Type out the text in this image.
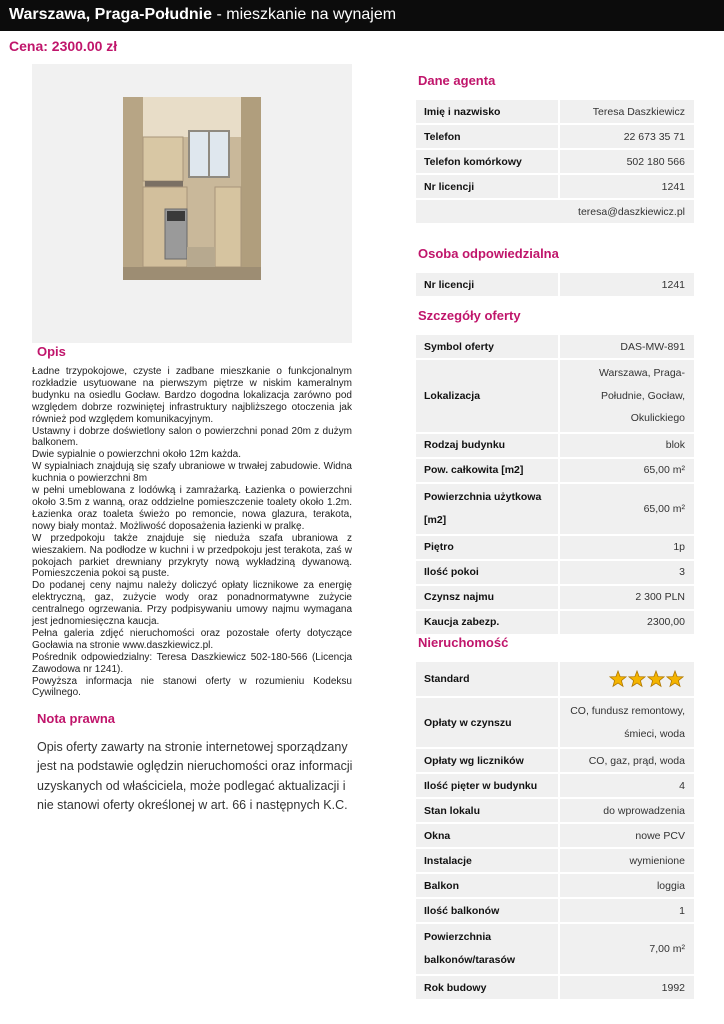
Warszawa, Praga-Południe - mieszkanie na wynajem
Cena: 2300.00 zł
Opis

Ładne trzypokojowe, czyste i zadbane mieszkanie o funkcjonalnym rozkładzie usytuowane na pierwszym piętrze w niskim kameralnym budynku na osiedlu Gocław. Bardzo dogodna lokalizacja zarówno pod względem dobrze rozwiniętej infrastruktury najbliższego otoczenia jak również pod względem komunikacyjnym.

Ustawny i dobrze doświetlony salon o powierzchni ponad 20m z dużym balkonem.

Dwie sypialnie o powierzchni około 12m każda.

W sypialniach znajdują się szafy ubraniowe w trwałej zabudowie. Widna kuchnia o powierzchni 8m

w pełni umeblowana z lodówką i zamrażarką. Łazienka o powierzchni około 3.5m z wanną, oraz oddzielne pomieszczenie toalety około 1.2m. Łazienka oraz toaleta świeżo po remoncie, nowa glazura, terakota, nowy biały montaż. Możliwość doposażenia łazienki w pralkę.

W przedpokoju także znajduje się nieduża szafa ubraniowa z wieszakiem. Na podłodze w kuchni i w przedpokoju jest terakota, zaś w pokojach parkiet drewniany przykryty nową wykładziną dywanową. Pomieszczenia pokoi są puste.

Do podanej ceny najmu należy doliczyć opłaty licznikowe za energię elektryczną, gaz, zużycie wody oraz ponadnormatywne zużycie centralnego ogrzewania. Przy podpisywaniu umowy najmu wymagana jest jednomiesięczna kaucja.

Pełna galeria zdjęć nieruchomości oraz pozostałe oferty dotyczące Gocławia na stronie www.daszkiewicz.pl.

Pośrednik odpowiedzialny: Teresa Daszkiewicz 502-180-566 (Licencja Zawodowa nr 1241).

Powyższa informacja nie stanowi oferty w rozumieniu Kodeksu Cywilnego.

Nota prawna
Opis oferty zawarty na stronie internetowej sporządzany jest na podstawie oględzin nieruchomości oraz informacji uzyskanych od właściciela, może podlegać aktualizacji i nie stanowi oferty określonej w art. 66 i następnych K.C.
Dane agenta
Imię i nazwisko	Teresa Daszkiewicz
Telefon	22 673 35 71
Telefon komórkowy	502 180 566
Nr licencji	1241
	teresa@daszkiewicz.pl
Osoba odpowiedzialna
Nr licencji	1241
Szczegóły oferty
Symbol oferty	DAS-MW-891
Lokalizacja	Warszawa, Praga-Południe, Gocław, Okulickiego
Rodzaj budynku	blok
Pow. całkowita [m2]	65,00 m²
Powierzchnia użytkowa [m2]	65,00 m²
Piętro	1p
Ilość pokoi	3
Czynsz najmu	2 300 PLN
Kaucja zabezp.	2300,00
Nieruchomość
Standard	
Opłaty w czynszu	CO, fundusz remontowy, śmieci, woda
Opłaty wg liczników	CO, gaz, prąd, woda
Ilość pięter w budynku	4
Stan lokalu	do wprowadzenia
Okna	nowe PCV
Instalacje	wymienione
Balkon	loggia
Ilość balkonów	1
Powierzchnia balkonów/tarasów	7,00 m²
Rok budowy	1992
